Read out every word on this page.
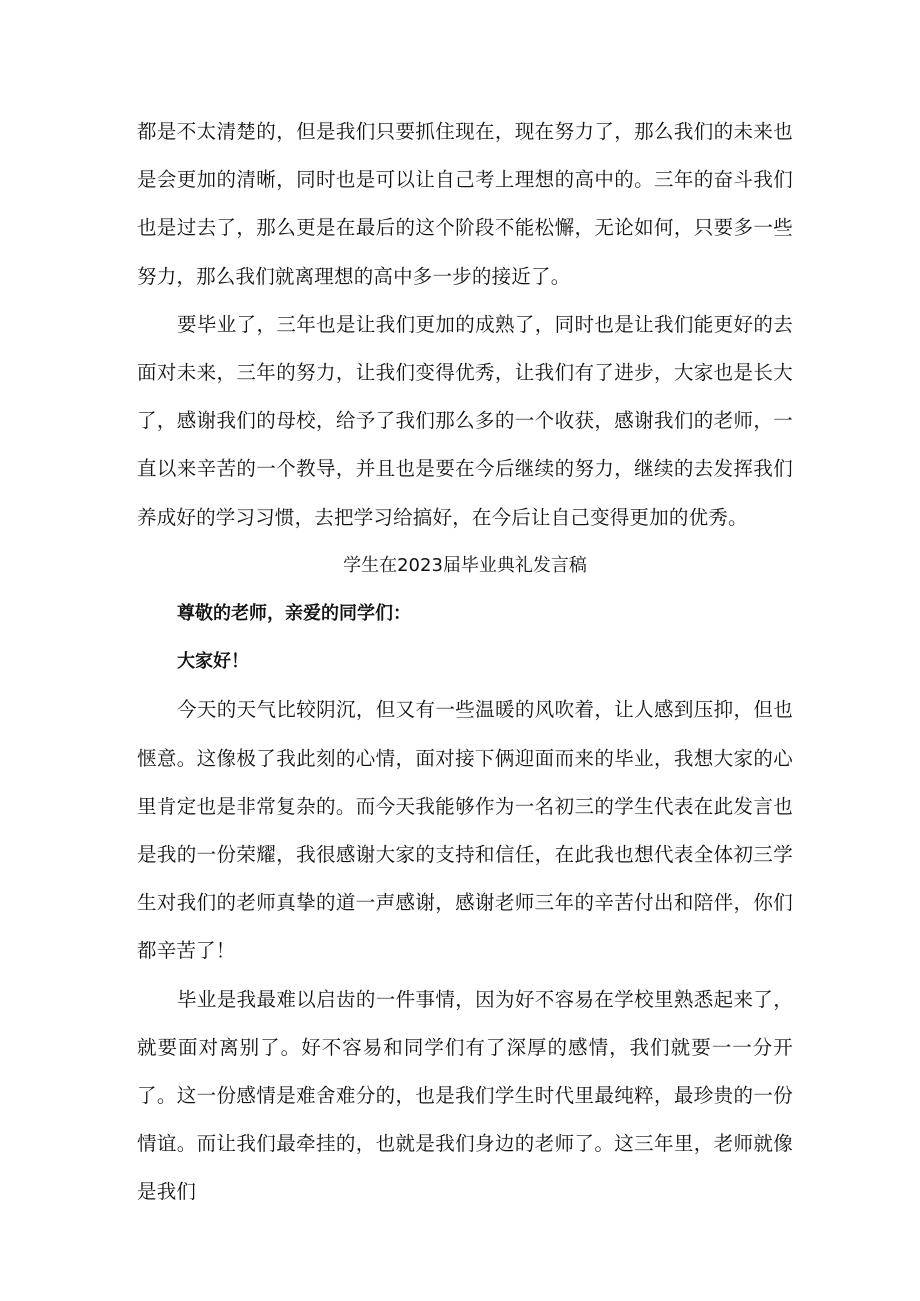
都是不太清楚的，但是我们只要抓住现在，现在努力了，那么我们的未来也是会更加的清晰，同时也是可以让自己考上理想的高中的。三年的奋斗我们也是过去了，那么更是在最后的这个阶段不能松懈，无论如何，只要多一些努力，那么我们就离理想的高中多一步的接近了。

要毕业了，三年也是让我们更加的成熟了，同时也是让我们能更好的去面对未来，三年的努力，让我们变得优秀，让我们有了进步，大家也是长大了，感谢我们的母校，给予了我们那么多的一个收获，感谢我们的老师，一直以来辛苦的一个教导，并且也是要在今后继续的努力，继续的去发挥我们养成好的学习习惯，去把学习给搞好，在今后让自己变得更加的优秀。

学生在2023届毕业典礼发言稿

尊敬的老师，亲爱的同学们：

大家好！

今天的天气比较阴沉，但又有一些温暖的风吹着，让人感到压抑，但也惬意。这像极了我此刻的心情，面对接下俩迎面而来的毕业，我想大家的心里肯定也是非常复杂的。而今天我能够作为一名初三的学生代表在此发言也是我的一份荣耀，我很感谢大家的支持和信任，在此我也想代表全体初三学生对我们的老师真挚的道一声感谢，感谢老师三年的辛苦付出和陪伴，你们都辛苦了！

毕业是我最难以启齿的一件事情，因为好不容易在学校里熟悉起来了，就要面对离别了。好不容易和同学们有了深厚的感情，我们就要一一分开了。这一份感情是难舍难分的，也是我们学生时代里最纯粹，最珍贵的一份情谊。而让我们最牵挂的，也就是我们身边的老师了。这三年里，老师就像是我们
